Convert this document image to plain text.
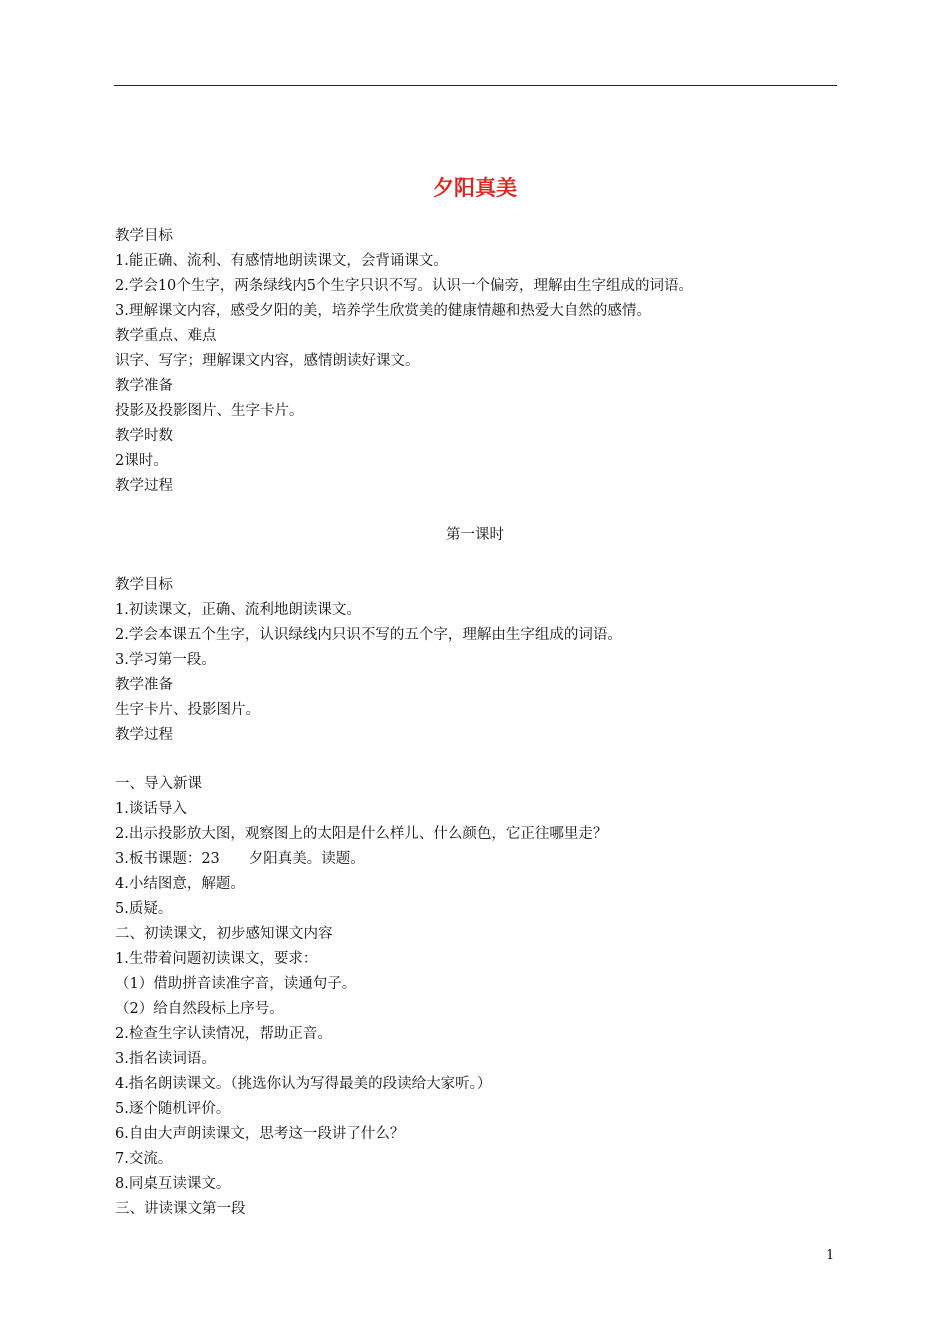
夕阳真美
教学目标
1.能正确、流利、有感情地朗读课文，会背诵课文。
2.学会10个生字，两条绿线内5个生字只识不写。认识一个偏旁，理解由生字组成的词语。
3.理解课文内容，感受夕阳的美，培养学生欣赏美的健康情趣和热爱大自然的感情。
教学重点、难点
识字、写字；理解课文内容，感情朗读好课文。
教学准备
投影及投影图片、生字卡片。
教学时数
2课时。
教学过程
第一课时
教学目标
1.初读课文，正确、流利地朗读课文。
2.学会本课五个生字，认识绿线内只识不写的五个字，理解由生字组成的词语。
3.学习第一段。
教学准备
生字卡片、投影图片。
教学过程
一、导入新课
1.谈话导入
2.出示投影放大图，观察图上的太阳是什么样儿、什么颜色，它正往哪里走？
3.板书课题：23　　夕阳真美。读题。
4.小结图意，解题。
5.质疑。
二、初读课文，初步感知课文内容
1.生带着问题初读课文，要求：
（1）借助拼音读准字音，读通句子。
（2）给自然段标上序号。
2.检查生字认读情况，帮助正音。
3.指名读词语。
4.指名朗读课文。（挑选你认为写得最美的段读给大家听。）
5.逐个随机评价。
6.自由大声朗读课文，思考这一段讲了什么？
7.交流。
8.同桌互读课文。
三、讲读课文第一段
1
